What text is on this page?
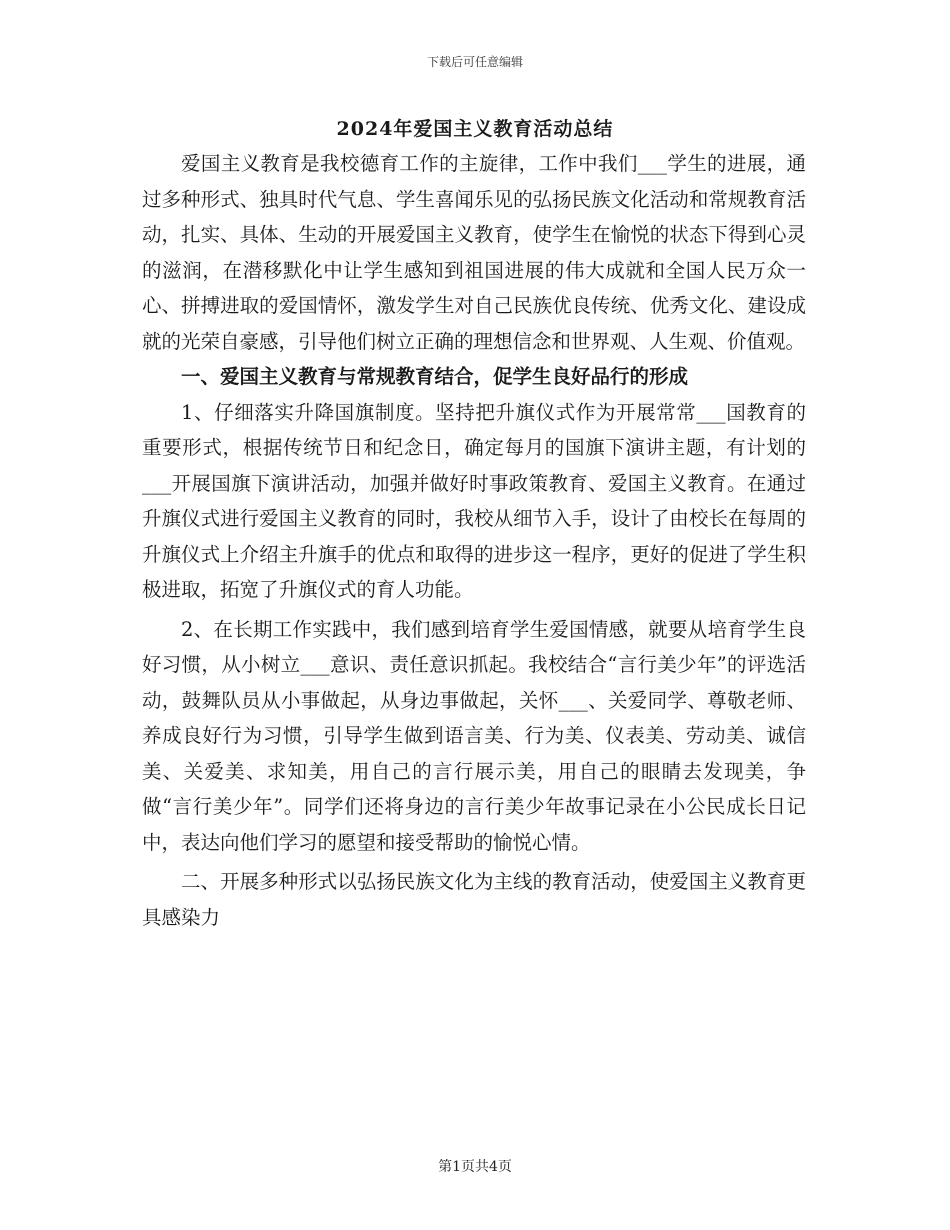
下载后可任意编辑
2024年爱国主义教育活动总结

爱国主义教育是我校德育工作的主旋律，工作中我们___学生的进展，通过多种形式、独具时代气息、学生喜闻乐见的弘扬民族文化活动和常规教育活动，扎实、具体、生动的开展爱国主义教育，使学生在愉悦的状态下得到心灵的滋润，在潜移默化中让学生感知到祖国进展的伟大成就和全国人民万众一心、拼搏进取的爱国情怀，激发学生对自己民族优良传统、优秀文化、建设成就的光荣自豪感，引导他们树立正确的理想信念和世界观、人生观、价值观。

一、爱国主义教育与常规教育结合，促学生良好品行的形成

1、仔细落实升降国旗制度。坚持把升旗仪式作为开展常常___国教育的重要形式，根据传统节日和纪念日，确定每月的国旗下演讲主题，有计划的___开展国旗下演讲活动，加强并做好时事政策教育、爱国主义教育。在通过升旗仪式进行爱国主义教育的同时，我校从细节入手，设计了由校长在每周的升旗仪式上介绍主升旗手的优点和取得的进步这一程序，更好的促进了学生积极进取，拓宽了升旗仪式的育人功能。

2、在长期工作实践中，我们感到培育学生爱国情感，就要从培育学生良好习惯，从小树立___意识、责任意识抓起。我校结合“言行美少年”的评选活动，鼓舞队员从小事做起，从身边事做起，关怀___、关爱同学、尊敬老师、养成良好行为习惯，引导学生做到语言美、行为美、仪表美、劳动美、诚信美、关爱美、求知美，用自己的言行展示美，用自己的眼睛去发现美，争做“言行美少年”。同学们还将身边的言行美少年故事记录在小公民成长日记中，表达向他们学习的愿望和接受帮助的愉悦心情。

二、开展多种形式以弘扬民族文化为主线的教育活动，使爱国主义教育更具感染力

第1页共4页
